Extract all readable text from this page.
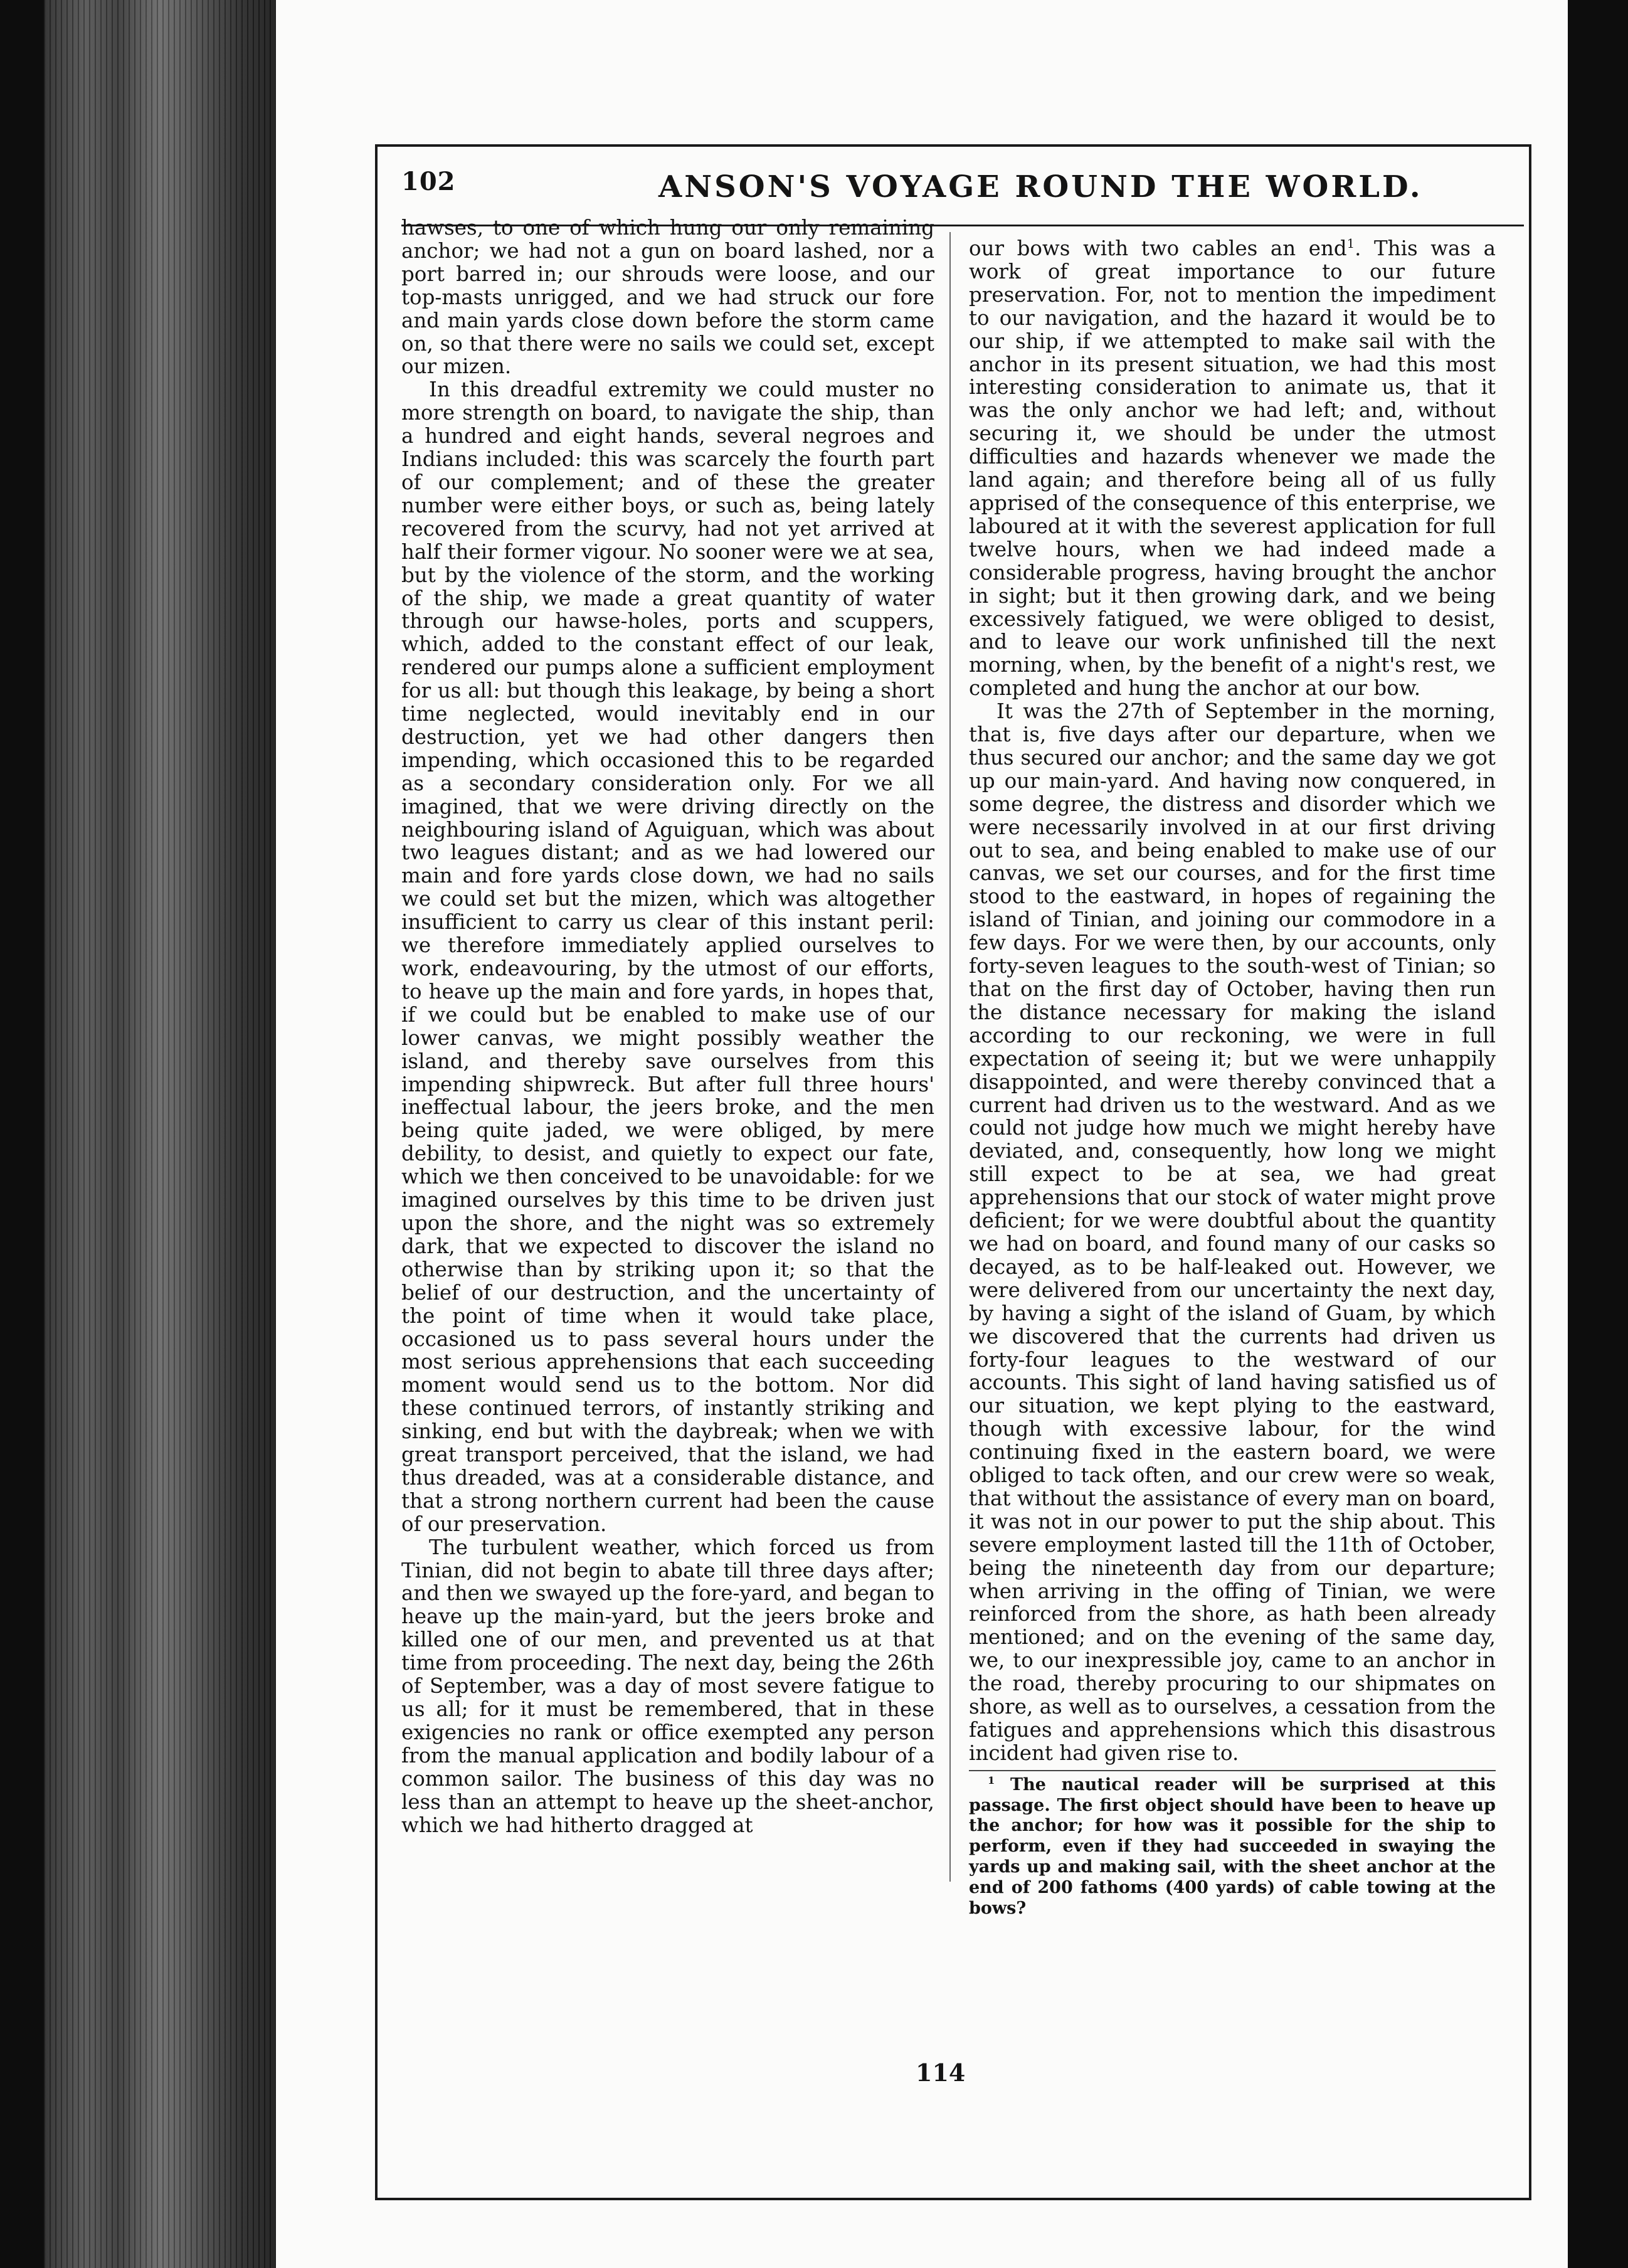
102	ANSON'S VOYAGE ROUND THE WORLD.

hawses, to one of which hung our only remaining anchor; we had not a gun on board lashed, nor a port barred in; our shrouds were loose, and our top-masts unrigged, and we had struck our fore and main yards close down before the storm came on, so that there were no sails we could set, except our mizen.

In this dreadful extremity we could muster no more strength on board, to navigate the ship, than a hundred and eight hands, several negroes and Indians included: this was scarcely the fourth part of our complement; and of these the greater number were either boys, or such as, being lately recovered from the scurvy, had not yet arrived at half their former vigour. No sooner were we at sea, but by the violence of the storm, and the working of the ship, we made a great quantity of water through our hawse-holes, ports and scuppers, which, added to the constant effect of our leak, rendered our pumps alone a sufficient employment for us all: but though this leakage, by being a short time neglected, would inevitably end in our destruction, yet we had other dangers then impending, which occasioned this to be regarded as a secondary consideration only. For we all imagined, that we were driving directly on the neighbouring island of Aguiguan, which was about two leagues distant; and as we had lowered our main and fore yards close down, we had no sails we could set but the mizen, which was altogether insufficient to carry us clear of this instant peril: we therefore immediately applied ourselves to work, endeavouring, by the utmost of our efforts, to heave up the main and fore yards, in hopes that, if we could but be enabled to make use of our lower canvas, we might possibly weather the island, and thereby save ourselves from this impending shipwreck. But after full three hours' ineffectual labour, the jeers broke, and the men being quite jaded, we were obliged, by mere debility, to desist, and quietly to expect our fate, which we then conceived to be unavoidable: for we imagined ourselves by this time to be driven just upon the shore, and the night was so extremely dark, that we expected to discover the island no otherwise than by striking upon it; so that the belief of our destruction, and the uncertainty of the point of time when it would take place, occasioned us to pass several hours under the most serious apprehensions that each succeeding moment would send us to the bottom. Nor did these continued terrors, of instantly striking and sinking, end but with the daybreak; when we with great transport perceived, that the island, we had thus dreaded, was at a considerable distance, and that a strong northern current had been the cause of our preservation.

The turbulent weather, which forced us from Tinian, did not begin to abate till three days after; and then we swayed up the fore-yard, and began to heave up the main-yard, but the jeers broke and killed one of our men, and prevented us at that time from proceeding. The next day, being the 26th of September, was a day of most severe fatigue to us all; for it must be remembered, that in these exigencies no rank or office exempted any person from the manual application and bodily labour of a common sailor. The business of this day was no less than an attempt to heave up the sheet-anchor, which we had hitherto dragged at

our bows with two cables an end$^1$. This was a work of great importance to our future preservation. For, not to mention the impediment to our navigation, and the hazard it would be to our ship, if we attempted to make sail with the anchor in its present situation, we had this most interesting consideration to animate us, that it was the only anchor we had left; and, without securing it, we should be under the utmost difficulties and hazards whenever we made the land again; and therefore being all of us fully apprised of the consequence of this enterprise, we laboured at it with the severest application for full twelve hours, when we had indeed made a considerable progress, having brought the anchor in sight; but it then growing dark, and we being excessively fatigued, we were obliged to desist, and to leave our work unfinished till the next morning, when, by the benefit of a night's rest, we completed and hung the anchor at our bow.

It was the 27th of September in the morning, that is, five days after our departure, when we thus secured our anchor; and the same day we got up our main-yard. And having now conquered, in some degree, the distress and disorder which we were necessarily involved in at our first driving out to sea, and being enabled to make use of our canvas, we set our courses, and for the first time stood to the eastward, in hopes of regaining the island of Tinian, and joining our commodore in a few days. For we were then, by our accounts, only forty-seven leagues to the south-west of Tinian; so that on the first day of October, having then run the distance necessary for making the island according to our reckoning, we were in full expectation of seeing it; but we were unhappily disappointed, and were thereby convinced that a current had driven us to the westward. And as we could not judge how much we might hereby have deviated, and, consequently, how long we might still expect to be at sea, we had great apprehensions that our stock of water might prove deficient; for we were doubtful about the quantity we had on board, and found many of our casks so decayed, as to be half-leaked out. However, we were delivered from our uncertainty the next day, by having a sight of the island of Guam, by which we discovered that the currents had driven us forty-four leagues to the westward of our accounts. This sight of land having satisfied us of our situation, we kept plying to the eastward, though with excessive labour, for the wind continuing fixed in the eastern board, we were obliged to tack often, and our crew were so weak, that without the assistance of every man on board, it was not in our power to put the ship about. This severe employment lasted till the 11th of October, being the nineteenth day from our departure; when arriving in the offing of Tinian, we were reinforced from the shore, as hath been already mentioned; and on the evening of the same day, we, to our inexpressible joy, came to an anchor in the road, thereby procuring to our shipmates on shore, as well as to ourselves, a cessation from the fatigues and apprehensions which this disastrous incident had given rise to.

$^1$ The nautical reader will be surprised at this passage. The first object should have been to heave up the anchor; for how was it possible for the ship to perform, even if they had succeeded in swaying the yards up and making sail, with the sheet anchor at the end of 200 fathoms (400 yards) of cable towing at the bows?

114
